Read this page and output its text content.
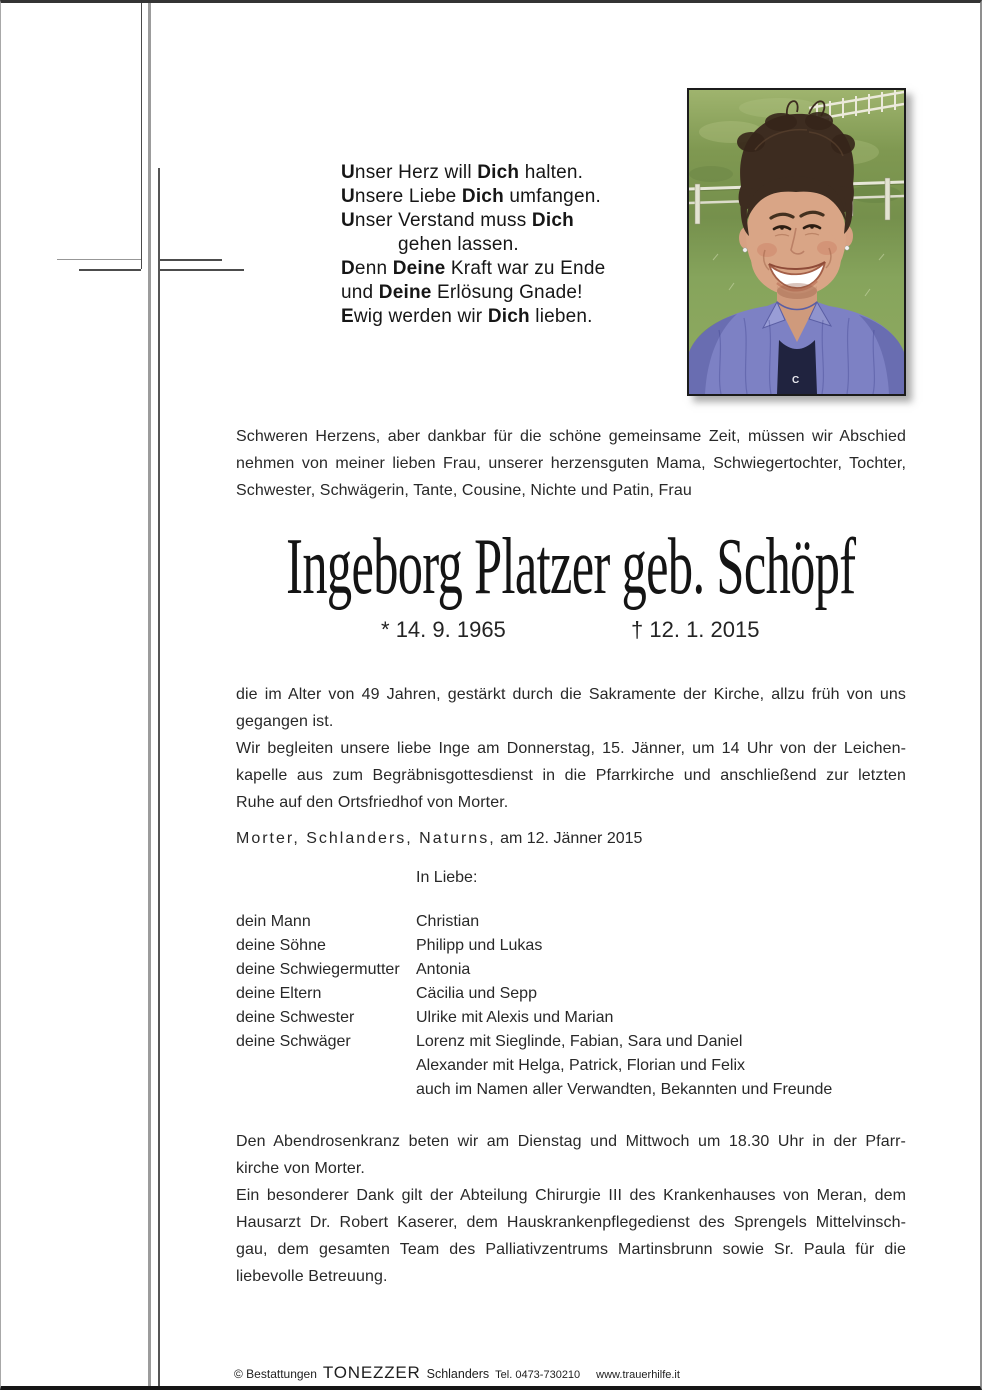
Unser Herz will Dich halten.
Unsere Liebe Dich umfangen.
Unser Verstand muss Dich
gehen lassen.
Denn Deine Kraft war zu Ende
und Deine Erlösung Gnade!
Ewig werden wir Dich lieben.
C
Schweren Herzens, aber dankbar für die schöne gemeinsame Zeit, müssen wir Abschied
nehmen von meiner lieben Frau, unserer herzensguten Mama, Schwiegertochter, Tochter,
Schwester, Schwägerin, Tante, Cousine, Nichte und Patin, Frau
Ingeborg Platzer geb. Schöpf
* 14. 9. 1965	† 12. 1. 2015
die im Alter von 49 Jahren, gestärkt durch die Sakramente der Kirche, allzu früh von uns
gegangen ist.
Wir begleiten unsere liebe Inge am Donnerstag, 15. Jänner, um 14 Uhr von der Leichen-
kapelle aus zum Begräbnisgottesdienst in die Pfarrkirche und anschließend zur letzten
Ruhe auf den Ortsfriedhof von Morter.
Morter, Schlanders, Naturns, am 12. Jänner 2015
In Liebe:
dein Mann	Christian
deine Söhne	Philipp und Lukas
deine Schwiegermutter Antonia
deine Eltern	Cäcilia und Sepp
deine Schwester	Ulrike mit Alexis und Marian
deine Schwäger	Lorenz mit Sieglinde, Fabian, Sara und Daniel
Alexander mit Helga, Patrick, Florian und Felix
auch im Namen aller Verwandten, Bekannten und Freunde
Den Abendrosenkranz beten wir am Dienstag und Mittwoch um 18.30 Uhr in der Pfarr-
kirche von Morter.
Ein besonderer Dank gilt der Abteilung Chirurgie III des Krankenhauses von Meran, dem
Hausarzt Dr. Robert Kaserer, dem Hauskrankenpflegedienst des Sprengels Mittelvinsch-
gau, dem gesamten Team des Palliativzentrums Martinsbrunn sowie Sr. Paula für die
liebevolle Betreuung.
© Bestattungen TONEZZER Schlanders Tel. 0473-730210 www.trauerhilfe.it
